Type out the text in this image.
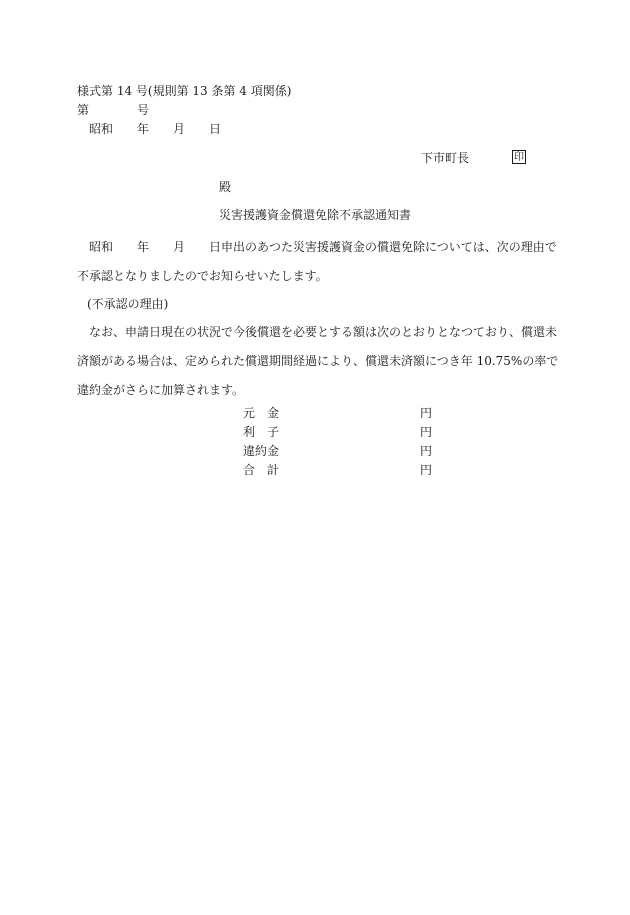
様式第 14 号(規則第 13 条第 4 項関係)
第	号
昭和 年 月 日
下市町長	印
殿
災害援護資金償還免除不承認通知書
昭和 年 月 日申出のあつた災害援護資金の償還免除については、次の理由で
不承認となりましたのでお知らせいたします。
(不承認の理由)
なお、申請日現在の状況で今後償還を必要とする額は次のとおりとなつており、償還未
済額がある場合は、定められた償還期間経過により、償還未済額につき年 10.75%の率で
違約金がさらに加算されます。
元　金	円
利　子	円
違約金	円
合　計	円
